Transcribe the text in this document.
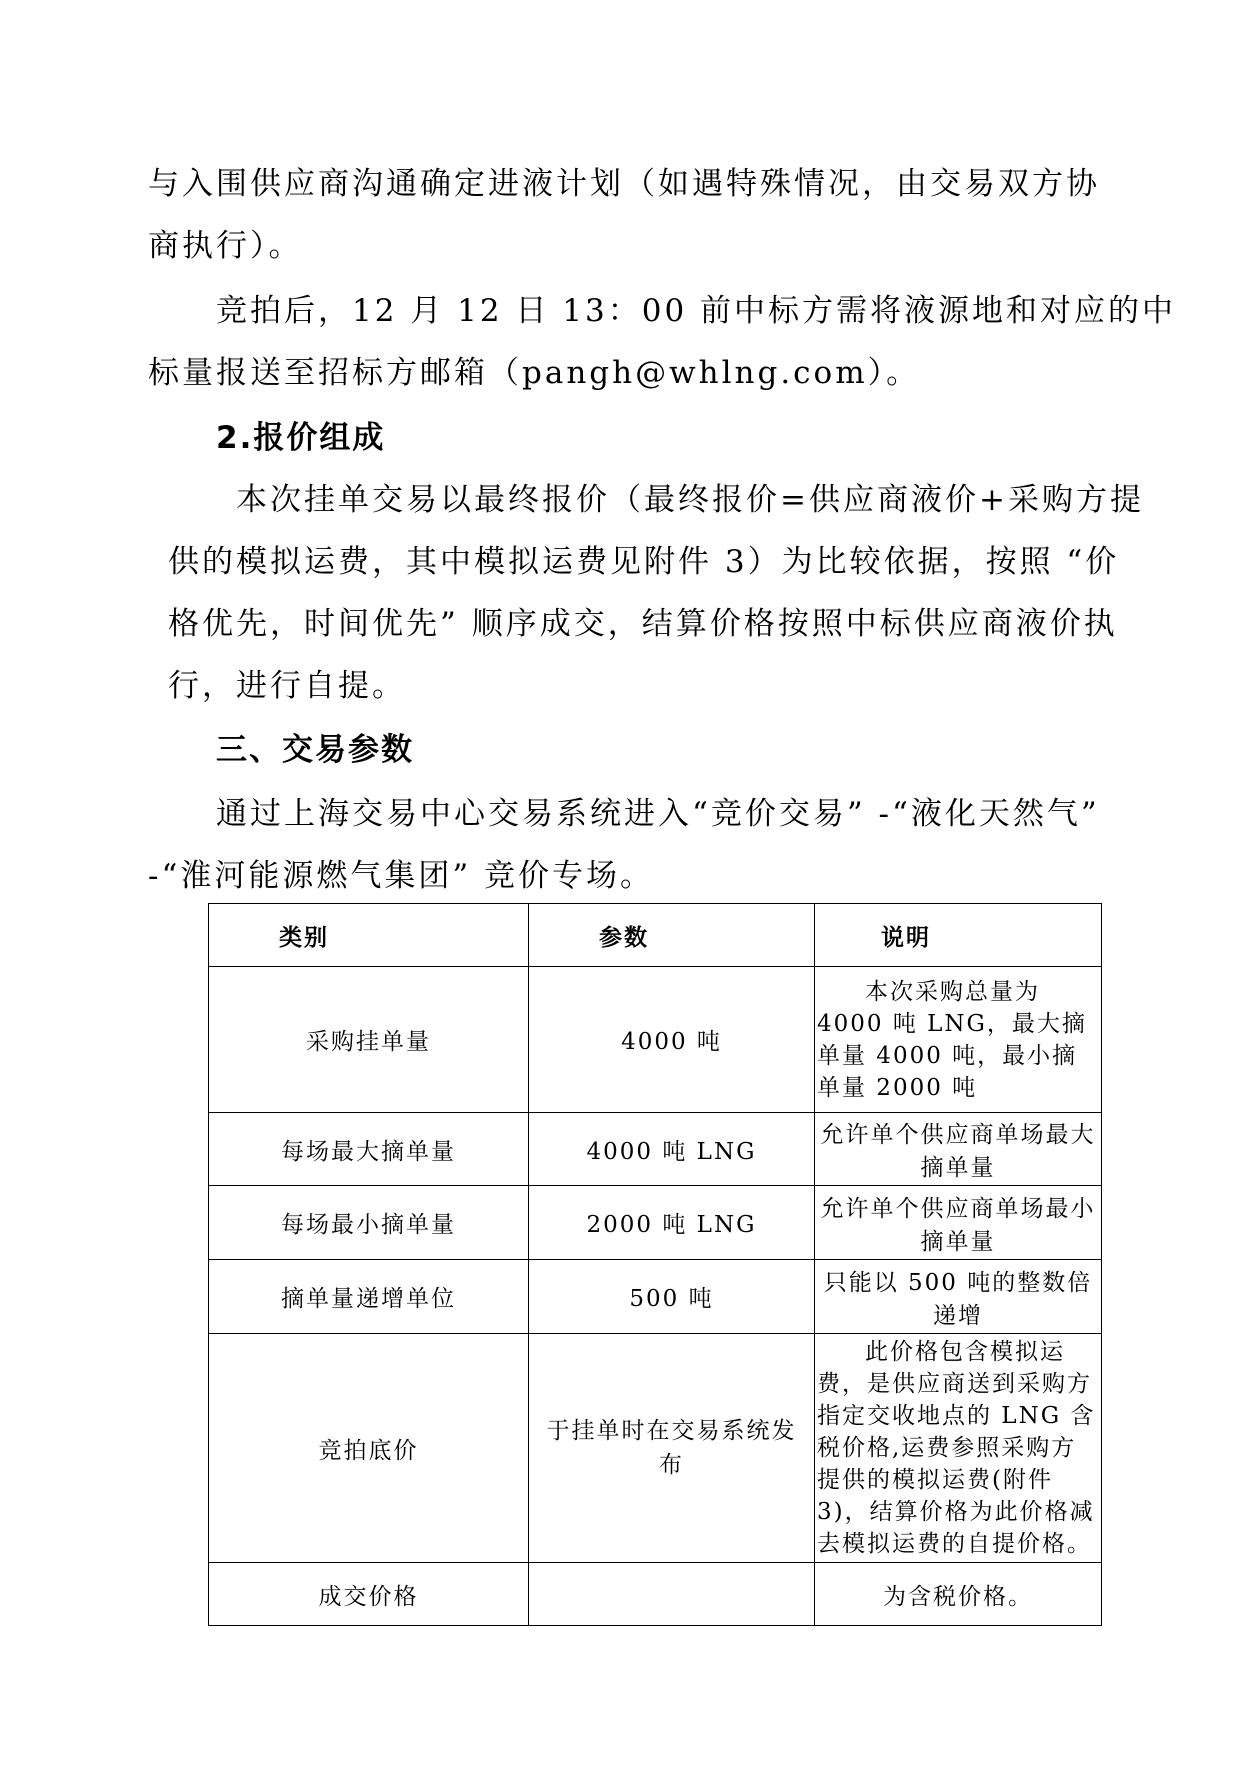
与入围供应商沟通确定进液计划（如遇特殊情况，由交易双方协

商执行）。

竞拍后，12 月 12 日 13：00 前中标方需将液源地和对应的中

标量报送至招标方邮箱（pangh@whlng.com）。

2.报价组成

本次挂单交易以最终报价（最终报价=供应商液价+采购方提

供的模拟运费，其中模拟运费见附件 3）为比较依据，按照 “价

格优先，时间优先” 顺序成交，结算价格按照中标供应商液价执

行，进行自提。

三、交易参数

通过上海交易中心交易系统进入“竞价交易” -“液化天然气”

-“淮河能源燃气集团” 竞价专场。

类别	参数	说明
采购挂单量	4000 吨	本次采购总量为 4000 吨 LNG，最大摘单量 4000 吨，最小摘单量 2000 吨

每场最大摘单量	4000 吨 LNG	允许单个供应商单场最大摘单量
每场最小摘单量	2000 吨 LNG	允许单个供应商单场最小摘单量
摘单量递增单位	500 吨	只能以 500 吨的整数倍递增
竞拍底价	于挂单时在交易系统发布	此价格包含模拟运费，是供应商送到采购方指定交收地点的 LNG 含税价格,运费参照采购方提供的模拟运费(附件 3)，结算价格为此价格减去模拟运费的自提价格。

成交价格		为含税价格。
